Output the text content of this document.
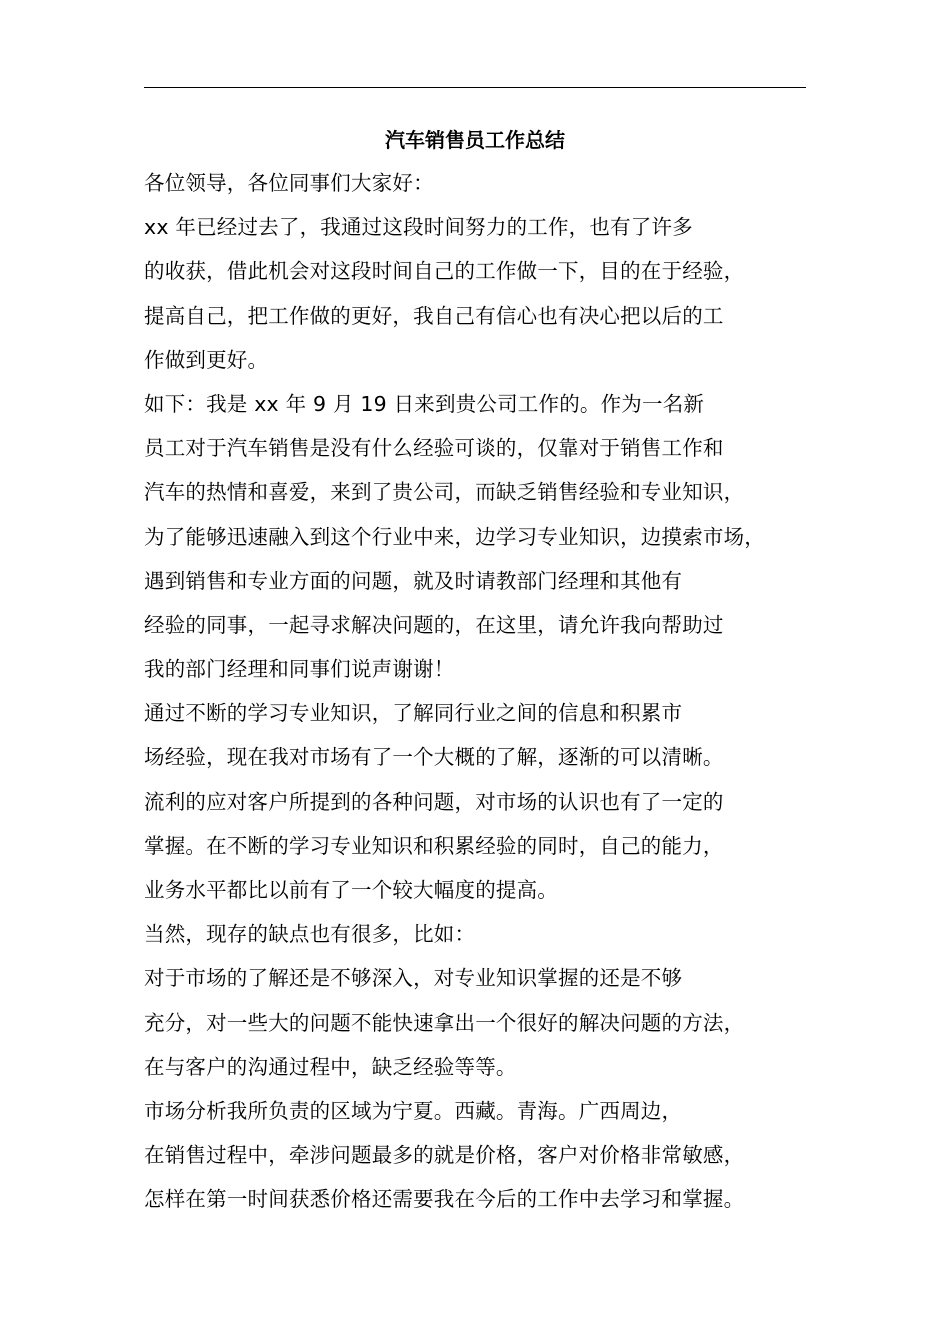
汽车销售员工作总结
各位领导，各位同事们大家好：
xx 年已经过去了，我通过这段时间努力的工作，也有了许多
的收获，借此机会对这段时间自己的工作做一下，目的在于经验，
提高自己，把工作做的更好，我自己有信心也有决心把以后的工
作做到更好。
如下：我是 xx 年 9 月 19 日来到贵公司工作的。作为一名新
员工对于汽车销售是没有什么经验可谈的，仅靠对于销售工作和
汽车的热情和喜爱，来到了贵公司，而缺乏销售经验和专业知识，
为了能够迅速融入到这个行业中来，边学习专业知识，边摸索市场，
遇到销售和专业方面的问题，就及时请教部门经理和其他有
经验的同事，一起寻求解决问题的，在这里，请允许我向帮助过
我的部门经理和同事们说声谢谢！
通过不断的学习专业知识，了解同行业之间的信息和积累市
场经验，现在我对市场有了一个大概的了解，逐渐的可以清晰。
流利的应对客户所提到的各种问题，对市场的认识也有了一定的
掌握。在不断的学习专业知识和积累经验的同时，自己的能力，
业务水平都比以前有了一个较大幅度的提高。
当然，现存的缺点也有很多，比如：
对于市场的了解还是不够深入，对专业知识掌握的还是不够
充分，对一些大的问题不能快速拿出一个很好的解决问题的方法，
在与客户的沟通过程中，缺乏经验等等。
市场分析我所负责的区域为宁夏。西藏。青海。广西周边，
在销售过程中，牵涉问题最多的就是价格，客户对价格非常敏感，
怎样在第一时间获悉价格还需要我在今后的工作中去学习和掌握。
